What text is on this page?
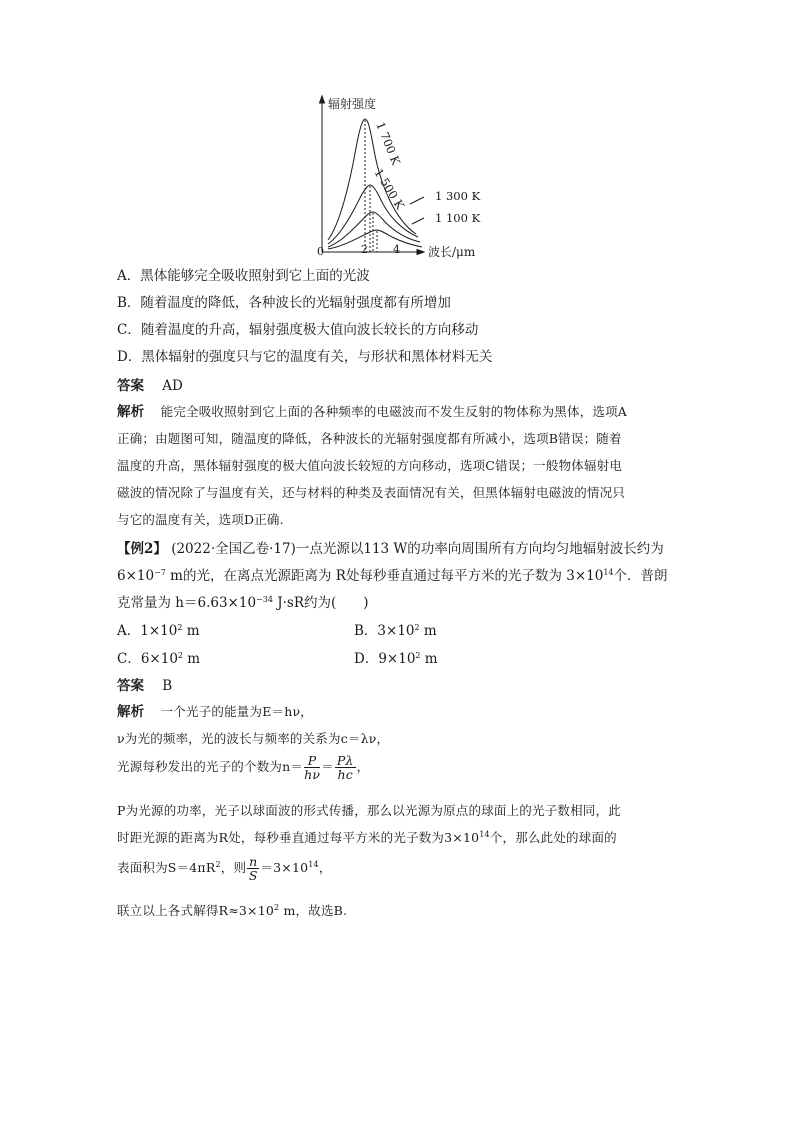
辐射强度
0	2 4 波长/μm
1 700 K
1 500 K 1 300 K
1 100 K
A．黑体能够完全吸收照射到它上面的光波
B．随着温度的降低，各种波长的光辐射强度都有所增加
C．随着温度的升高，辐射强度极大值向波长较长的方向移动
D．黑体辐射的强度只与它的温度有关，与形状和黑体材料无关
答案 AD
解析 能完全吸收照射到它上面的各种频率的电磁波而不发生反射的物体称为黑体，选项A
正确；由题图可知，随温度的降低，各种波长的光辐射强度都有所减小，选项B错误；随着
温度的升高，黑体辐射强度的极大值向波长较短的方向移动，选项C错误；一般物体辐射电
磁波的情况除了与温度有关，还与材料的种类及表面情况有关，但黑体辐射电磁波的情况只
与它的温度有关，选项D正确.
【例2】 (2022·全国乙卷·17)一点光源以113 W的功率向周围所有方向均匀地辐射波长约为
$6\times 10^{-7}$ m的光，在离点光源距离为 R处每秒垂直通过每平方米的光子数为 $3\times 10^{14}$个．普朗
克常量为 $h=6.63\times 10^{-34}$ J·sR约为(　　)
A．$1\times 10^2$ m	B．$3\times 10^2$ m
C．$6\times 10^2$ m	D．$9\times 10^2$ m
答案 B
解析 一个光子的能量为E＝hν，
ν为光的频率，光的波长与频率的关系为c＝λν，
光源每秒发出的光子的个数为$n= \frac{P}{h\nu} = \frac{P\lambda}{hc}$ ，
P为光源的功率，光子以球面波的形式传播，那么以光源为原点的球面上的光子数相同，此
时距光源的距离为R处，每秒垂直通过每平方米的光子数为$3\times 10^{14}$个，那么此处的球面的
表面积为$S=4\pi R^2$，则 $\frac{n}{S} =3\times 10^{14}$，
联立以上各式解得$R\approx 3\times 10^2$ m，故选B.
